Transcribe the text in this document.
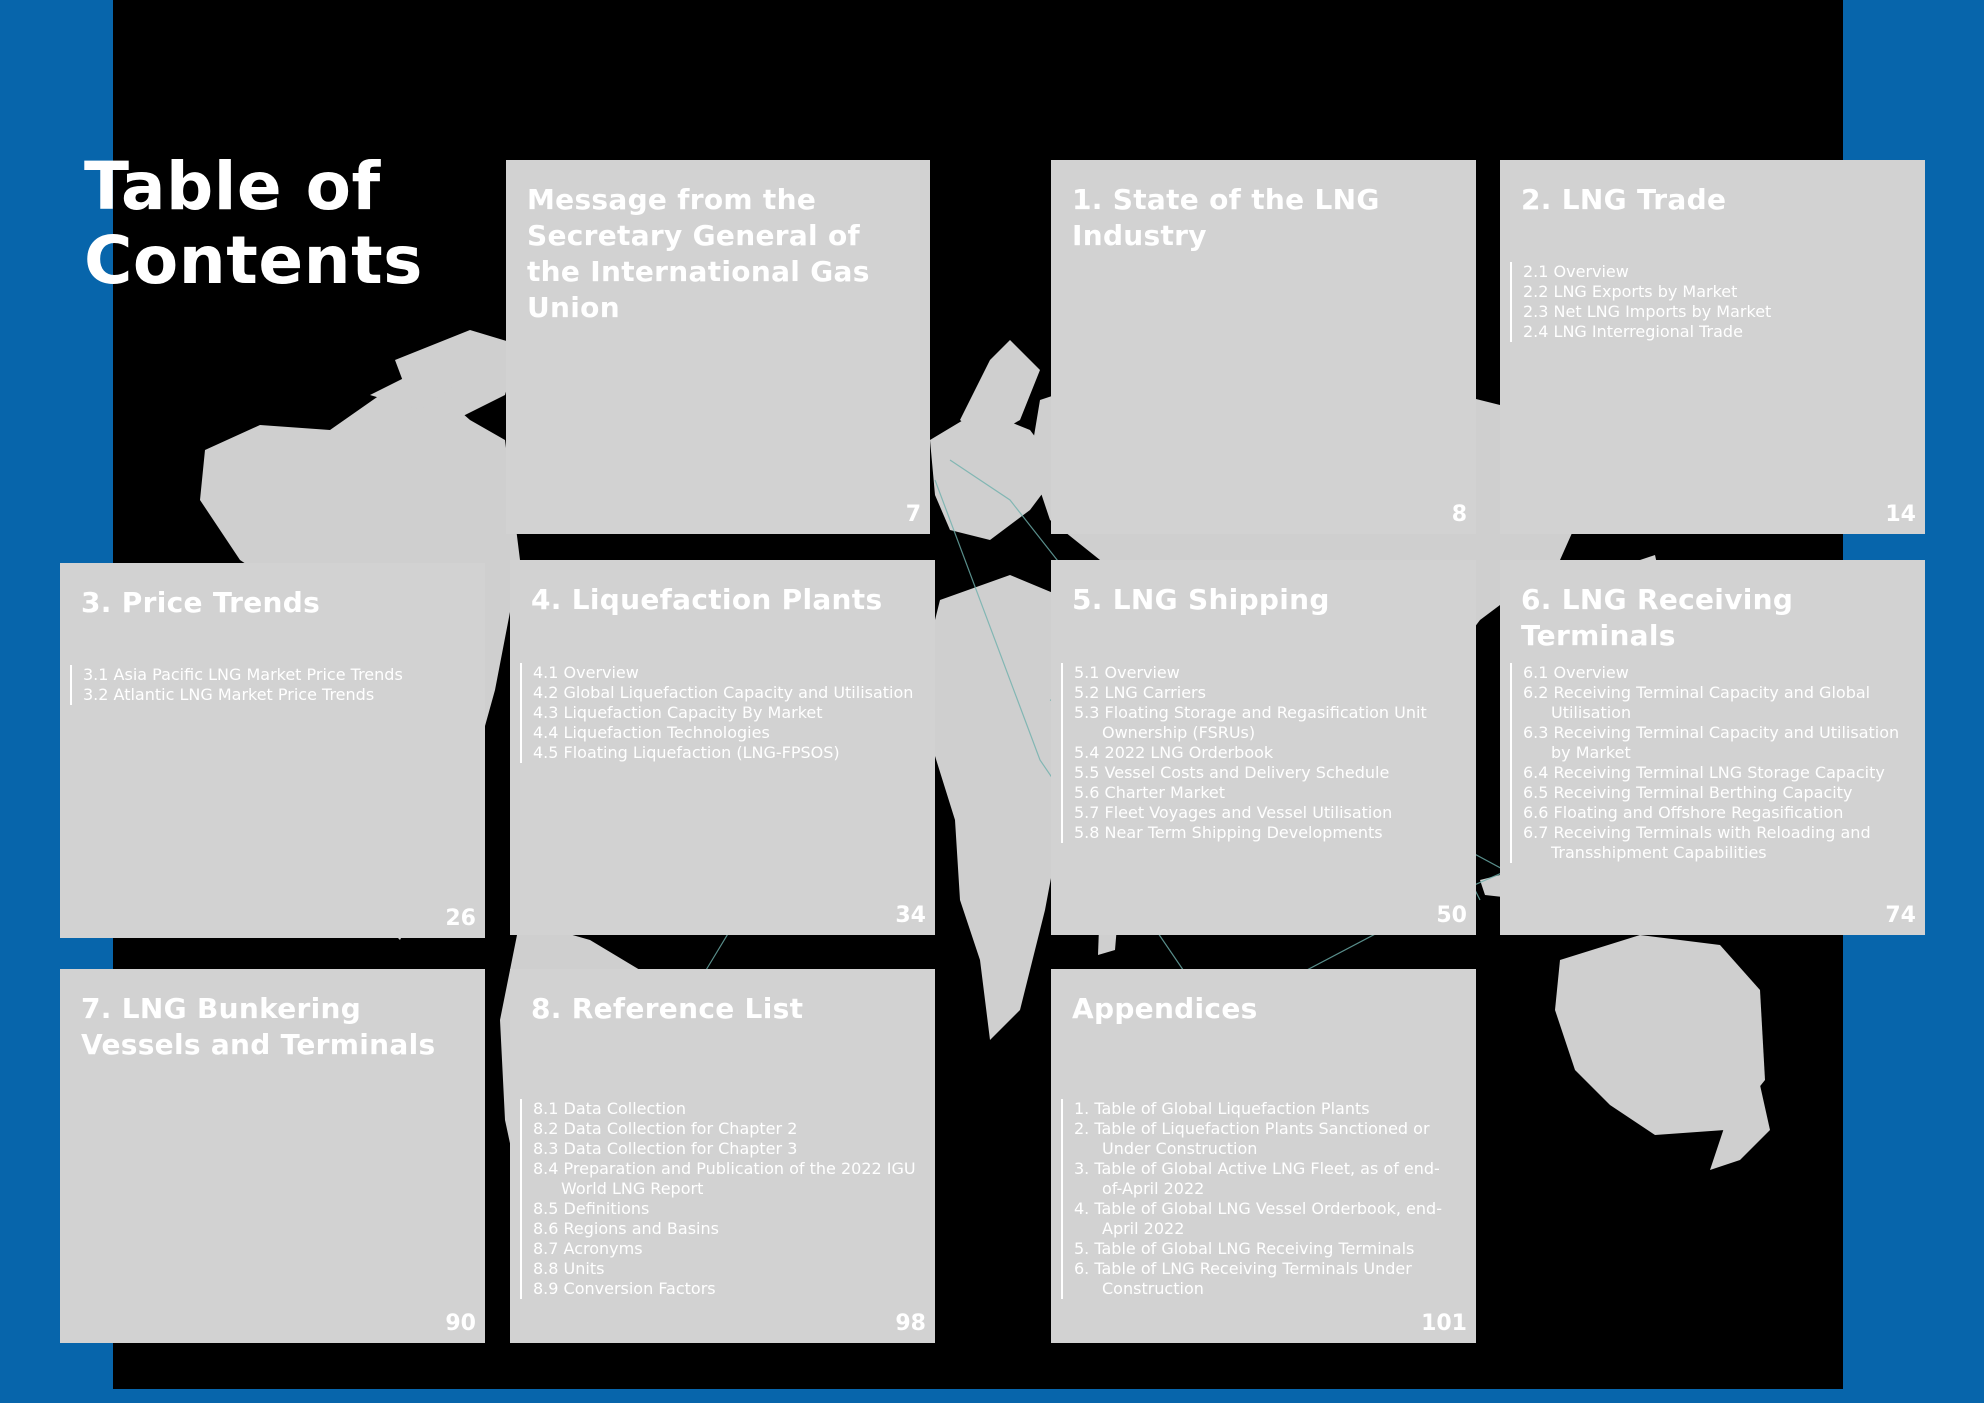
Table of
Contents
Message from the Secretary General of the International Gas Union
7
1. State of the LNG Industry
8
2. LNG Trade
2.1 Overview
2.2 LNG Exports by Market
2.3 Net LNG Imports by Market
2.4 LNG Interregional Trade
14
3. Price Trends
3.1 Asia Pacific LNG Market Price Trends
3.2 Atlantic LNG Market Price Trends
26
4. Liquefaction Plants
4.1 Overview
4.2 Global Liquefaction Capacity and Utilisation
4.3 Liquefaction Capacity By Market
4.4 Liquefaction Technologies
4.5 Floating Liquefaction (LNG-FPSOS)
34
5. LNG Shipping
5.1 Overview
5.2 LNG Carriers
5.3 Floating Storage and Regasification Unit Ownership (FSRUs)
5.4 2022 LNG Orderbook
5.5 Vessel Costs and Delivery Schedule
5.6 Charter Market
5.7 Fleet Voyages and Vessel Utilisation
5.8 Near Term Shipping Developments
50
6. LNG Receiving Terminals
6.1 Overview
6.2 Receiving Terminal Capacity and Global Utilisation
6.3 Receiving Terminal Capacity and Utilisation by Market
6.4 Receiving Terminal LNG Storage Capacity
6.5 Receiving Terminal Berthing Capacity
6.6 Floating and Offshore Regasification
6.7 Receiving Terminals with Reloading and Transshipment Capabilities
74
7. LNG Bunkering Vessels and Terminals
90
8. Reference List
8.1 Data Collection
8.2 Data Collection for Chapter 2
8.3 Data Collection for Chapter 3
8.4 Preparation and Publication of the 2022 IGU World LNG Report
8.5 Definitions
8.6 Regions and Basins
8.7 Acronyms
8.8 Units
8.9 Conversion Factors
98
Appendices
1. Table of Global Liquefaction Plants
2. Table of Liquefaction Plants Sanctioned or Under Construction
3. Table of Global Active LNG Fleet, as of end-of-April 2022
4. Table of Global LNG Vessel Orderbook, end-April 2022
5. Table of Global LNG Receiving Terminals
6. Table of LNG Receiving Terminals Under Construction
101
